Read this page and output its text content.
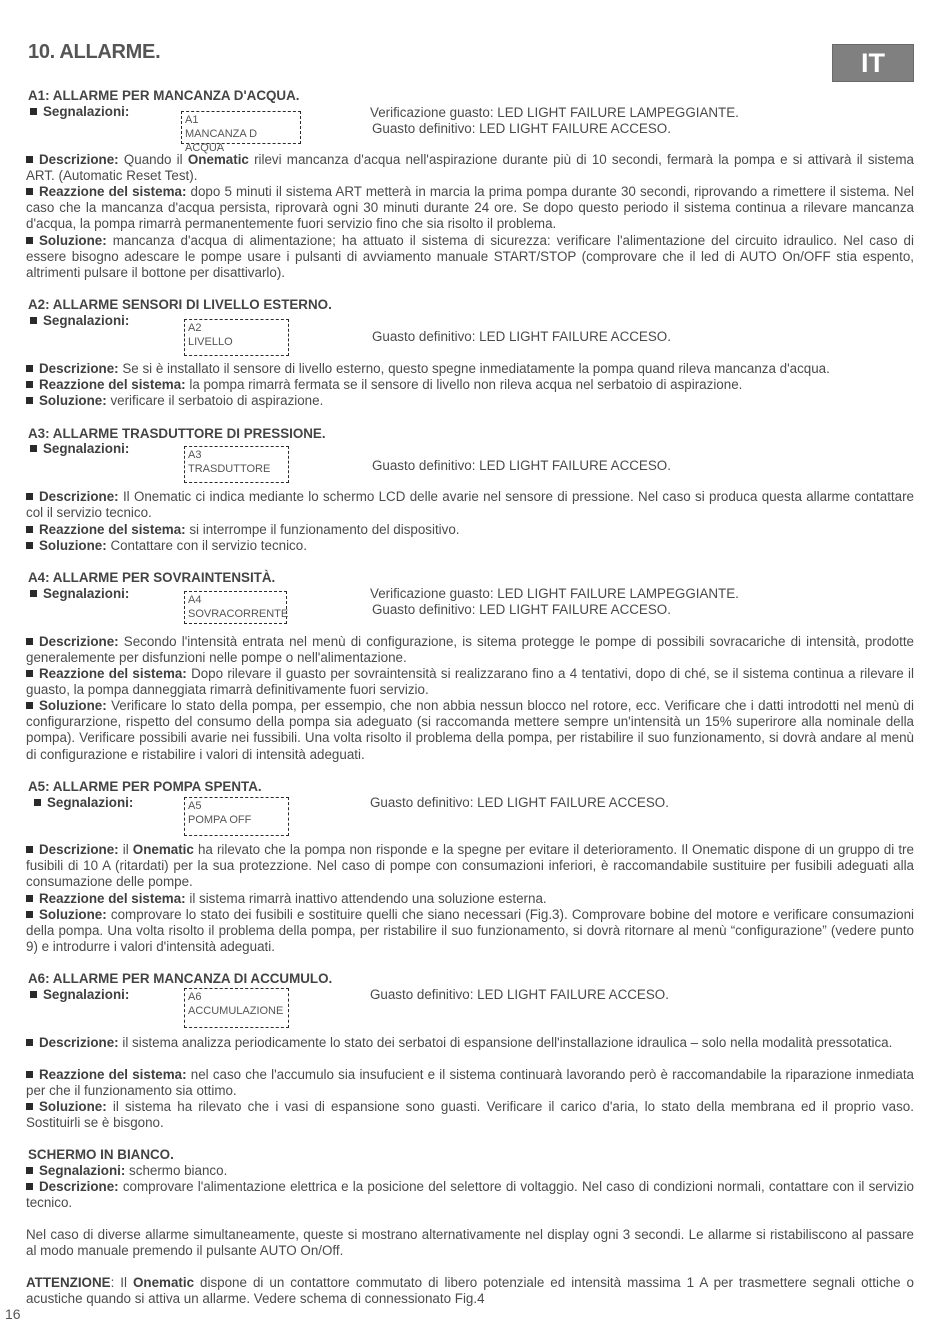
10. ALLARME.	IT
A1: ALLARME PER MANCANZA D'ACQUA.
Segnalazioni:
A1
MANCANZA D ACQUA
Verificazione guasto: LED LIGHT FAILURE LAMPEGGIANTE.
Guasto definitivo: LED LIGHT FAILURE ACCESO.
Descrizione: Quando il Onematic rilevi mancanza d'acqua nell'aspirazione durante più di 10 secondi, fermarà la pompa e si attivarà il sistema ART. (Automatic Reset Test).
Reazzione del sistema: dopo 5 minuti il sistema ART metterà in marcia la prima pompa durante 30 secondi, riprovando a rimettere il sistema. Nel caso che la mancanza d'acqua persista, riprovarà ogni 30 minuti durante 24 ore. Se dopo questo periodo il sistema continua a rilevare mancanza d'acqua, la pompa rimarrà permanentemente fuori servizio fino che sia risolto il problema.
Soluzione: mancanza d'acqua di alimentazione; ha attuato il sistema di sicurezza: verificare l'alimentazione del circuito idraulico. Nel caso di essere bisogno adescare le pompe usare i pulsanti di avviamento manuale START/STOP (comprovare che il led di AUTO On/OFF stia espento, altrimenti pulsare il bottone per disattivarlo).
A2: ALLARME SENSORI DI LIVELLO ESTERNO.
Segnalazioni:	A2
LIVELLO	Guasto definitivo: LED LIGHT FAILURE ACCESO.
Descrizione: Se si è installato il sensore di livello esterno, questo spegne inmediatamente la pompa quand rileva mancanza d'acqua.
Reazzione del sistema: la pompa rimarrà fermata se il sensore di livello non rileva acqua nel serbatoio di aspirazione.
Soluzione: verificare il serbatoio di aspirazione.
A3: ALLARME TRASDUTTORE DI PRESSIONE.
Segnalazioni:	A3
TRASDUTTORE	Guasto definitivo: LED LIGHT FAILURE ACCESO.
Descrizione: Il Onematic ci indica mediante lo schermo LCD delle avarie nel sensore di pressione. Nel caso si produca questa allarme contattare col il servizio tecnico.
Reazzione del sistema: si interrompe il funzionamento del dispositivo.
Soluzione: Contattare con il servizio tecnico.
A4: ALLARME PER SOVRAINTENSITÀ.
Segnalazioni:	A4
SOVRACORRENTE
Verificazione guasto: LED LIGHT FAILURE LAMPEGGIANTE.
Guasto definitivo: LED LIGHT FAILURE ACCESO.
Descrizione: Secondo l'intensità entrata nel menù di configurazione, is sitema protegge le pompe di possibili sovracariche di intensità, prodotte generalemente per disfunzioni nelle pompe o nell'alimentazione.
Reazzione del sistema: Dopo rilevare il guasto per sovraintensità si realizzarano fino a 4 tentativi, dopo di ché, se il sistema continua a rilevare il guasto, la pompa danneggiata rimarrà definitivamente fuori servizio.
Soluzione: Verificare lo stato della pompa, per essempio, che non abbia nessun blocco nel rotore, ecc. Verificare che i datti introdotti nel menù di configurarzione, rispetto del consumo della pompa sia adeguato (si raccomanda mettere sempre un'intensità un 15% superirore alla nominale della pompa). Verificare possibili avarie nei fussibili. Una volta risolto il problema della pompa, per ristabilire il suo funzionamento, si dovrà andare al menù di configurazione e ristabilire i valori di intensità adeguati.
A5: ALLARME PER POMPA SPENTA.
Segnalazioni:	A5
POMPA OFF
Guasto definitivo: LED LIGHT FAILURE ACCESO.
Descrizione: il Onematic ha rilevato che la pompa non risponde e la spegne per evitare il deterioramento. Il Onematic dispone di un gruppo di tre fusibili di 10 A (ritardati) per la sua protezzione. Nel caso di pompe con consumazioni inferiori, è raccomandabile sustituire per fusibili adeguati alla consumazione delle pompe.
Reazzione del sistema: il sistema rimarrà inattivo attendendo una soluzione esterna.
Soluzione: comprovare lo stato dei fusibili e sostituire quelli che siano necessari (Fig.3). Comprovare bobine del motore e verificare consumazioni della pompa. Una volta risolto il problema della pompa, per ristabilire il suo funzionamento, si dovrà ritornare al menù “configurazione” (vedere punto 9) e introdurre i valori d'intensità adeguati.
A6: ALLARME PER MANCANZA DI ACCUMULO.
Segnalazioni:	A6
ACCUMULAZIONE
Guasto definitivo: LED LIGHT FAILURE ACCESO.
Descrizione: il sistema analizza periodicamente lo stato dei serbatoi di espansione dell'installazione idraulica – solo nella modalità pressotatica.
Reazzione del sistema: nel caso che l'accumulo sia insufucient e il sistema continuarà lavorando però è raccomandabile la riparazione inmediata per che il funzionamento sia ottimo.
Soluzione: il sistema ha rilevato che i vasi di espansione sono guasti. Verificare il carico d'aria, lo stato della membrana ed il proprio vaso. Sostituirli se è bisgono.
SCHERMO IN BIANCO.
Segnalazioni: schermo bianco.
Descrizione: comprovare l'alimentazione elettrica e la posicione del selettore di voltaggio. Nel caso di condizioni normali, contattare con il servizio tecnico.
Nel caso di diverse allarme simultaneamente, queste si mostrano alternativamente nel display ogni 3 secondi. Le allarme si ristabiliscono al passare al modo manuale premendo il pulsante AUTO On/Off.
ATTENZIONE: Il Onematic dispone di un contattore commutato di libero potenziale ed intensità massima 1 A per trasmettere segnali ottiche o acustiche quando si attiva un allarme. Vedere schema di connessionato Fig.4
16
